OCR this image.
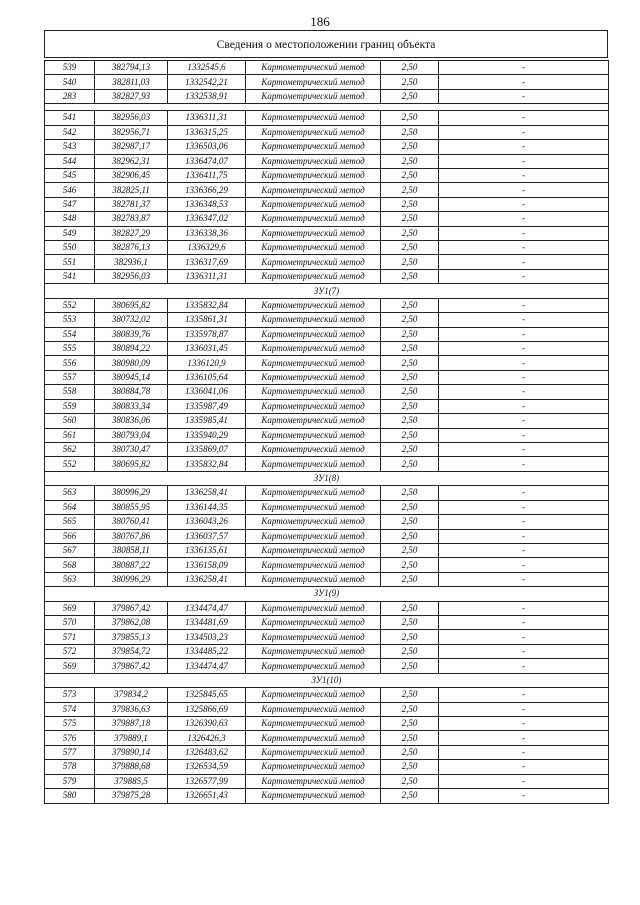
186
Сведения о местоположении границ объекта
539	382794,13	1332545,6	Картометрический метод	2,50	-
540	382811,03	1332542,21	Картометрический метод	2,50	-
283	382827,93	1332538,91	Картометрический метод	2,50	-

541	382956,03	1336311,31	Картометрический метод	2,50	-
542	382956,71	1336315,25	Картометрический метод	2,50	-
543	382987,17	1336503,06	Картометрический метод	2,50	-
544	382962,31	1336474,07	Картометрический метод	2,50	-
545	382906,45	1336411,75	Картометрический метод	2,50	-
546	382825,11	1336366,29	Картометрический метод	2,50	-
547	382781,37	1336348,53	Картометрический метод	2,50	-
548	382783,87	1336347,02	Картометрический метод	2,50	-
549	382827,29	1336338,36	Картометрический метод	2,50	-
550	382876,13	1336329,6	Картометрический метод	2,50	-
551	382936,1	1336317,69	Картометрический метод	2,50	-
541	382956,03	1336311,31	Картометрический метод	2,50	-
ЗУ1(7)					
552	380695,82	1335832,84	Картометрический метод	2,50	-
553	380732,02	1335861,31	Картометрический метод	2,50	-
554	380839,76	1335978,87	Картометрический метод	2,50	-
555	380894,22	1336031,45	Картометрический метод	2,50	-
556	380980,09	1336120,9	Картометрический метод	2,50	-
557	380945,14	1336105,64	Картометрический метод	2,50	-
558	380884,78	1336041,06	Картометрический метод	2,50	-
559	380833,34	1335987,49	Картометрический метод	2,50	-
560	380836,06	1335985,41	Картометрический метод	2,50	-
561	380793,04	1335940,29	Картометрический метод	2,50	-
562	380730,47	1335869,07	Картометрический метод	2,50	-
552	380695,82	1335832,84	Картометрический метод	2,50	-
ЗУ1(8)					
563	380996,29	1336258,41	Картометрический метод	2,50	-
564	380855,95	1336144,35	Картометрический метод	2,50	-
565	380760,41	1336043,26	Картометрический метод	2,50	-
566	380767,86	1336037,57	Картометрический метод	2,50	-
567	380858,11	1336135,61	Картометрический метод	2,50	-
568	380887,22	1336158,09	Картометрический метод	2,50	-
563	380996,29	1336258,41	Картометрический метод	2,50	-
ЗУ1(9)					
569	379867,42	1334474,47	Картометрический метод	2,50	-
570	379862,08	1334481,69	Картометрический метод	2,50	-
571	379855,13	1334503,23	Картометрический метод	2,50	-
572	379854,72	1334485,22	Картометрический метод	2,50	-
569	379867,42	1334474,47	Картометрический метод	2,50	-
ЗУ1(10)					
573	379834,2	1325845,65	Картометрический метод	2,50	-
574	379836,63	1325866,69	Картометрический метод	2,50	-
575	379887,18	1326390,63	Картометрический метод	2,50	-
576	379889,1	1326426,3	Картометрический метод	2,50	-
577	379890,14	1326483,62	Картометрический метод	2,50	-
578	379888,68	1326534,59	Картометрический метод	2,50	-
579	379885,5	1326577,99	Картометрический метод	2,50	-
580	379875,28	1326651,43	Картометрический метод	2,50	-
